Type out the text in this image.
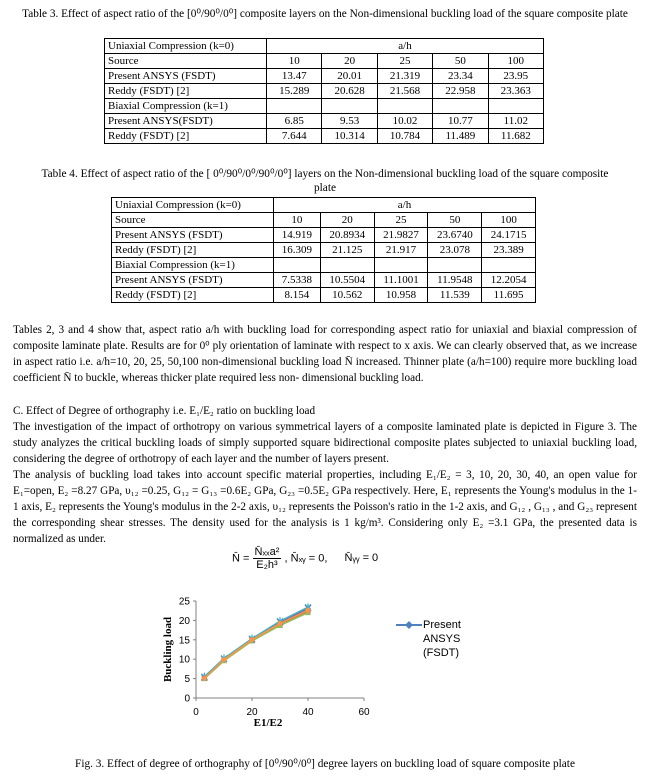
Table 3. Effect of aspect ratio of the [0⁰/90⁰/0⁰] composite layers on the Non-dimensional buckling load of the square composite plate
Uniaxial Compression (k=0)	a/h				
Source	10	20	25	50	100
Present ANSYS (FSDT)	13.47	20.01	21.319	23.34	23.95
Reddy (FSDT) [2]	15.289	20.628	21.568	22.958	23.363
Biaxial Compression (k=1)					
Present ANSYS(FSDT)	6.85	9.53	10.02	10.77	11.02
Reddy (FSDT) [2]	7.644	10.314	10.784	11.489	11.682
Table 4. Effect of aspect ratio of the [ 0⁰/90⁰/0⁰/90⁰/0⁰] layers on the Non-dimensional buckling load of the square composite plate
Uniaxial Compression (k=0)	a/h				
Source	10	20	25	50	100
Present ANSYS (FSDT)	14.919	20.8934	21.9827	23.6740	24.1715
Reddy (FSDT) [2]	16.309	21.125	21.917	23.078	23.389
Biaxial Compression (k=1)					
Present ANSYS (FSDT)	7.5338	10.5504	11.1001	11.9548	12.2054
Reddy (FSDT) [2]	8.154	10.562	10.958	11.539	11.695
Tables 2, 3 and 4 show that, aspect ratio a/h with buckling load for corresponding aspect ratio for uniaxial and biaxial compression of composite laminate plate. Results are for 0⁰ ply orientation of laminate with respect to x axis. We can clearly observed that, as we increase in aspect ratio i.e. a/h=10, 20, 25, 50,100 non-dimensional buckling load N̄ increased. Thinner plate (a/h=100) require more buckling load coefficient N̄ to buckle, whereas thicker plate required less non- dimensional buckling load.
C. Effect of Degree of orthography i.e. E₁/E₂ ratio on buckling load
The investigation of the impact of orthotropy on various symmetrical layers of a composite laminated plate is depicted in Figure 3. The study analyzes the critical buckling loads of simply supported square bidirectional composite plates subjected to uniaxial buckling load, considering the degree of orthotropy of each layer and the number of layers present.
The analysis of buckling load takes into account specific material properties, including E₁/E₂ = 3, 10, 20, 30, 40, an open value for E₁=open, E₂ =8.27 GPa, υ₁₂ =0.25, G₁₂ = G₁₃ =0.6E₂ GPa, G₂₃ =0.5E₂ GPa respectively. Here, E₁ represents the Young's modulus in the 1-1 axis, E₂ represents the Young's modulus in the 2-2 axis, υ₁₂ represents the Poisson's ratio in the 1-2 axis, and G₁₂ , G₁₃ , and G₂₃ represent the corresponding shear stresses. The density used for the analysis is 1 kg/m³. Considering only E₂ =3.1 GPa, the presented data is normalized as under.
N̄ = $\frac{\text{N̄ₓₓa²}}{\text{E₂h³}}$ , N̄ₓᵧ = 0, N̄ᵧᵧ = 0
0
5
10
15
20
25
0	20	40	60
E1/E2
Buckling load	Present
ANSYS
(FSDT)
Fig. 3. Effect of degree of orthography of [0⁰/90⁰/0⁰] degree layers on buckling load of square composite plate
